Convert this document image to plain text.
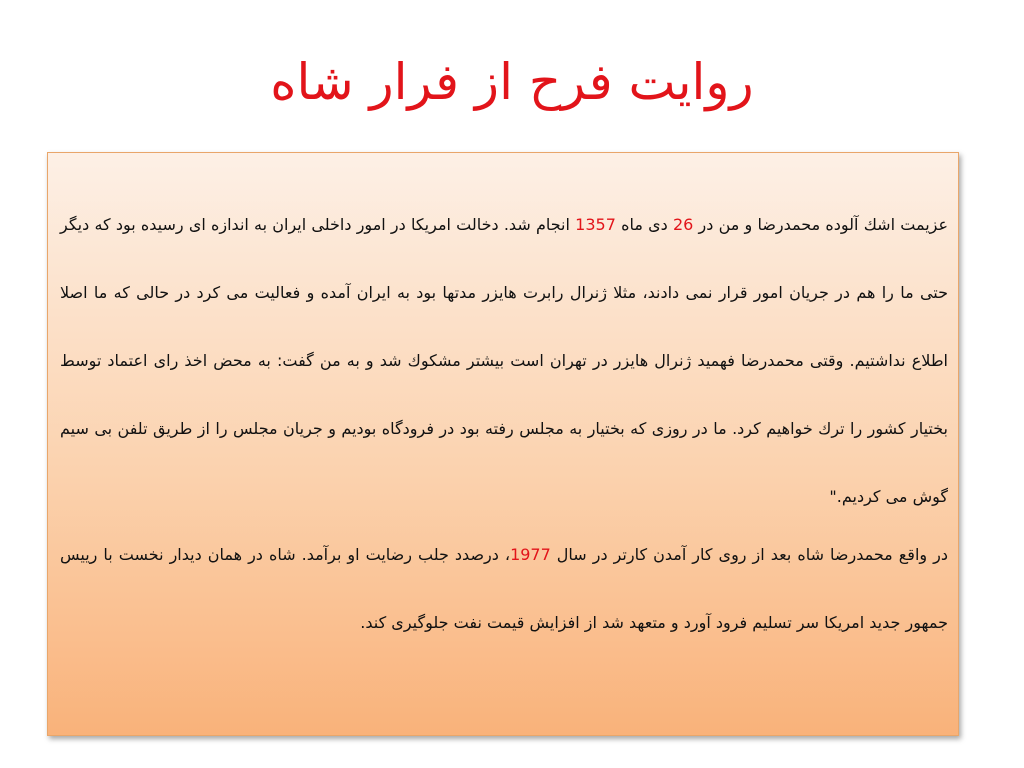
روایت فرح از فرار شاه

عزیمت اشك آلوده محمدرضا و من در 26 دی ماه 1357 انجام شد. دخالت امریكا در امور داخلی ایران به اندازه ای رسیده بود كه دیگر حتی ما را هم در جریان امور قرار نمی دادند، مثلا ژنرال رابرت هایزر مدتها بود به ایران آمده و فعالیت می كرد در حالی كه ما اصلا اطلاع نداشتیم. وقتی محمدرضا فهمید ژنرال هایزر در تهران است بیشتر مشكوك شد و به من گفت: به محض اخذ رای اعتماد توسط بختیار كشور را ترك خواهیم كرد. ما در روزی كه بختیار به مجلس رفته بود در فرودگاه بودیم و جریان مجلس را از طریق تلفن بی سیم گوش می كردیم."

در واقع محمدرضا شاه بعد از روی كار آمدن كارتر در سال 1977، درصدد جلب رضایت او برآمد. شاه در همان دیدار نخست با رییس جمهور جدید امریكا سر تسلیم فرود آورد و متعهد شد از افزایش قیمت نفت جلوگیری كند.
